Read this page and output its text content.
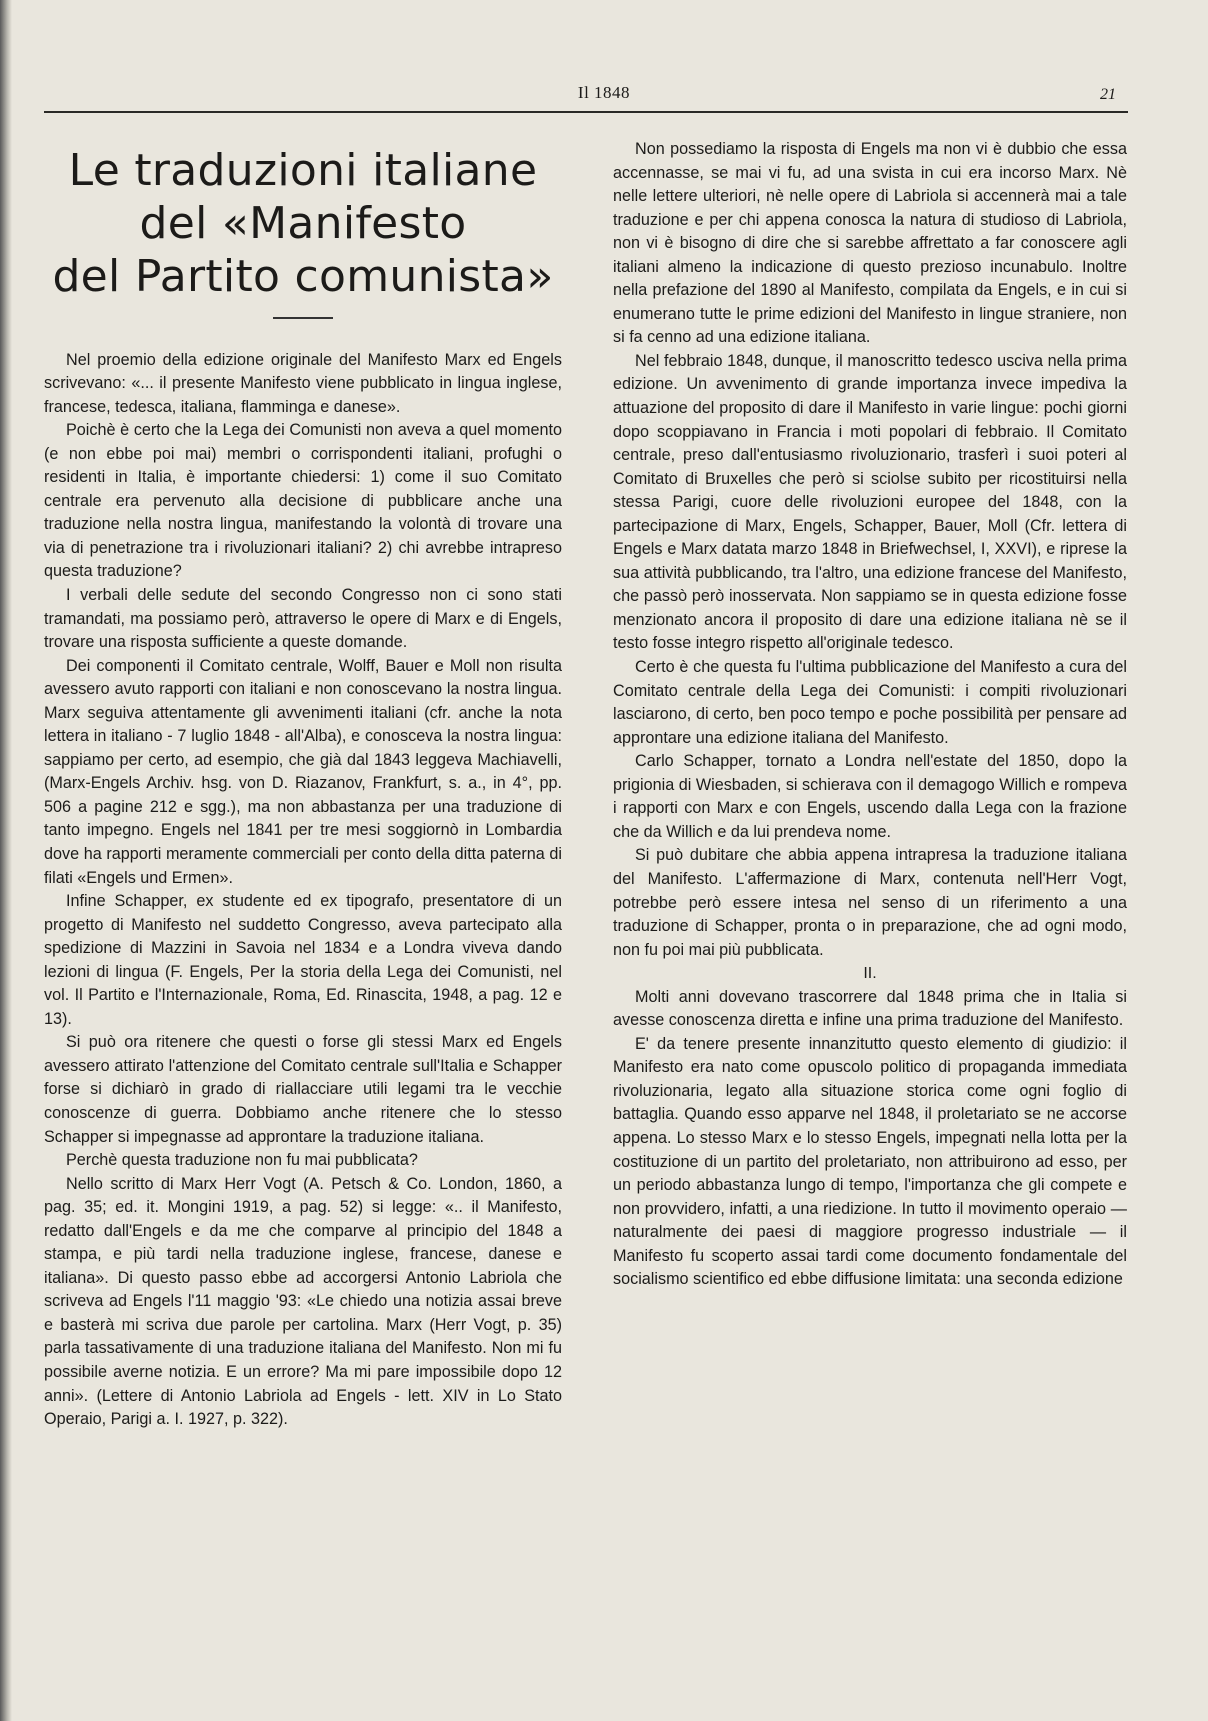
Il 1848	21
Le traduzioni italiane
del «Manifesto
del Partito comunista»

Nel proemio della edizione originale del Manifesto Marx ed Engels scrivevano: «... il presente Manifesto viene pubblicato in lingua inglese, francese, tedesca, italiana, flamminga e danese».

Poichè è certo che la Lega dei Comunisti non aveva a quel momento (e non ebbe poi mai) membri o corrispondenti italiani, profughi o residenti in Italia, è importante chiedersi: 1) come il suo Comitato centrale era pervenuto alla decisione di pubblicare anche una traduzione nella nostra lingua, manifestando la volontà di trovare una via di penetrazione tra i rivoluzionari italiani? 2) chi avrebbe intrapreso questa traduzione?

I verbali delle sedute del secondo Congresso non ci sono stati tramandati, ma possiamo però, attraverso le opere di Marx e di Engels, trovare una risposta sufficiente a queste domande.

Dei componenti il Comitato centrale, Wolff, Bauer e Moll non risulta avessero avuto rapporti con italiani e non conoscevano la nostra lingua. Marx seguiva attentamente gli avvenimenti italiani (cfr. anche la nota lettera in italiano - 7 luglio 1848 - all'Alba), e conosceva la nostra lingua: sappiamo per certo, ad esempio, che già dal 1843 leggeva Machiavelli, (Marx-Engels Archiv. hsg. von D. Riazanov, Frankfurt, s. a., in 4°, pp. 506 a pagine 212 e sgg.), ma non abbastanza per una traduzione di tanto impegno. Engels nel 1841 per tre mesi soggiornò in Lombardia dove ha rapporti meramente commerciali per conto della ditta paterna di filati «Engels und Ermen».

Infine Schapper, ex studente ed ex tipografo, presentatore di un progetto di Manifesto nel suddetto Congresso, aveva partecipato alla spedizione di Mazzini in Savoia nel 1834 e a Londra viveva dando lezioni di lingua (F. Engels, Per la storia della Lega dei Comunisti, nel vol. Il Partito e l'Internazionale, Roma, Ed. Rinascita, 1948, a pag. 12 e 13).

Si può ora ritenere che questi o forse gli stessi Marx ed Engels avessero attirato l'attenzione del Comitato centrale sull'Italia e Schapper forse si dichiarò in grado di riallacciare utili legami tra le vecchie conoscenze di guerra. Dobbiamo anche ritenere che lo stesso Schapper si impegnasse ad approntare la traduzione italiana.

Perchè questa traduzione non fu mai pubblicata?

Nello scritto di Marx Herr Vogt (A. Petsch & Co. London, 1860, a pag. 35; ed. it. Mongini 1919, a pag. 52) si legge: «.. il Manifesto, redatto dall'Engels e da me che comparve al principio del 1848 a stampa, e più tardi nella traduzione inglese, francese, danese e italiana». Di questo passo ebbe ad accorgersi Antonio Labriola che scriveva ad Engels l'11 maggio '93: «Le chiedo una notizia assai breve e basterà mi scriva due parole per cartolina. Marx (Herr Vogt, p. 35) parla tassativamente di una traduzione italiana del Manifesto. Non mi fu possibile averne notizia. E un errore? Ma mi pare impossibile dopo 12 anni». (Lettere di Antonio Labriola ad Engels - lett. XIV in Lo Stato Operaio, Parigi a. I. 1927, p. 322).

Non possediamo la risposta di Engels ma non vi è dubbio che essa accennasse, se mai vi fu, ad una svista in cui era incorso Marx. Nè nelle lettere ulteriori, nè nelle opere di Labriola si accennerà mai a tale traduzione e per chi appena conosca la natura di studioso di Labriola, non vi è bisogno di dire che si sarebbe affrettato a far conoscere agli italiani almeno la indicazione di questo prezioso incunabulo. Inoltre nella prefazione del 1890 al Manifesto, compilata da Engels, e in cui si enumerano tutte le prime edizioni del Manifesto in lingue straniere, non si fa cenno ad una edizione italiana.

Nel febbraio 1848, dunque, il manoscritto tedesco usciva nella prima edizione. Un avvenimento di grande importanza invece impediva la attuazione del proposito di dare il Manifesto in varie lingue: pochi giorni dopo scoppiavano in Francia i moti popolari di febbraio. Il Comitato centrale, preso dall'entusiasmo rivoluzionario, trasferì i suoi poteri al Comitato di Bruxelles che però si sciolse subito per ricostituirsi nella stessa Parigi, cuore delle rivoluzioni europee del 1848, con la partecipazione di Marx, Engels, Schapper, Bauer, Moll (Cfr. lettera di Engels e Marx datata marzo 1848 in Briefwechsel, I, XXVI), e riprese la sua attività pubblicando, tra l'altro, una edizione francese del Manifesto, che passò però inosservata. Non sappiamo se in questa edizione fosse menzionato ancora il proposito di dare una edizione italiana nè se il testo fosse integro rispetto all'originale tedesco.

Certo è che questa fu l'ultima pubblicazione del Manifesto a cura del Comitato centrale della Lega dei Comunisti: i compiti rivoluzionari lasciarono, di certo, ben poco tempo e poche possibilità per pensare ad approntare una edizione italiana del Manifesto.

Carlo Schapper, tornato a Londra nell'estate del 1850, dopo la prigionia di Wiesbaden, si schierava con il demagogo Willich e rompeva i rapporti con Marx e con Engels, uscendo dalla Lega con la frazione che da Willich e da lui prendeva nome.

Si può dubitare che abbia appena intrapresa la traduzione italiana del Manifesto. L'affermazione di Marx, contenuta nell'Herr Vogt, potrebbe però essere intesa nel senso di un riferimento a una traduzione di Schapper, pronta o in preparazione, che ad ogni modo, non fu poi mai più pubblicata.

II.

Molti anni dovevano trascorrere dal 1848 prima che in Italia si avesse conoscenza diretta e infine una prima traduzione del Manifesto.

E' da tenere presente innanzitutto questo elemento di giudizio: il Manifesto era nato come opuscolo politico di propaganda immediata rivoluzionaria, legato alla situazione storica come ogni foglio di battaglia. Quando esso apparve nel 1848, il proletariato se ne accorse appena. Lo stesso Marx e lo stesso Engels, impegnati nella lotta per la costituzione di un partito del proletariato, non attribuirono ad esso, per un periodo abbastanza lungo di tempo, l'importanza che gli compete e non provvidero, infatti, a una riedizione. In tutto il movimento operaio — naturalmente dei paesi di maggiore progresso industriale — il Manifesto fu scoperto assai tardi come documento fondamentale del socialismo scientifico ed ebbe diffusione limitata: una seconda edizione
